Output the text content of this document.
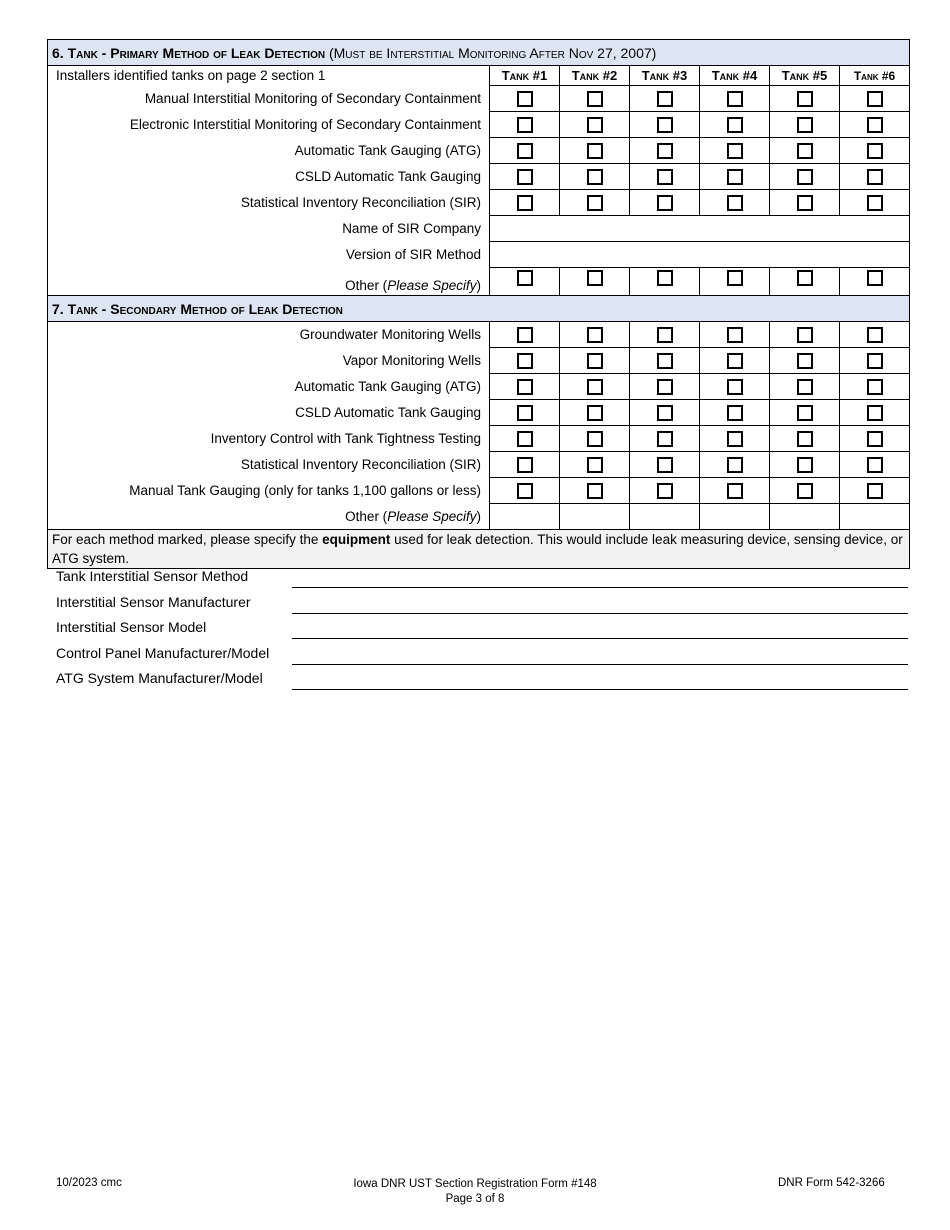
6. Tank - Primary Method of Leak Detection (Must be Interstitial Monitoring After Nov 27, 2007)						
Installers identified tanks on page 2 section 1	Tank #1	Tank #2	Tank #3	Tank #4	Tank #5	Tank #6
Manual Interstitial Monitoring of Secondary Containment						
Electronic Interstitial Monitoring of Secondary Containment						
Automatic Tank Gauging (ATG)						
CSLD Automatic Tank Gauging						
Statistical Inventory Reconciliation (SIR)						
Name of SIR Company						
Version of SIR Method						
Other (Please Specify)						
7. Tank - Secondary Method of Leak Detection						
Groundwater Monitoring Wells						
Vapor Monitoring Wells						
Automatic Tank Gauging (ATG)						
CSLD Automatic Tank Gauging						
Inventory Control with Tank Tightness Testing						
Statistical Inventory Reconciliation (SIR)						
Manual Tank Gauging (only for tanks 1,100 gallons or less)						
Other (Please Specify)						
For each method marked, please specify the equipment used for leak detection. This would include leak measuring device, sensing device, or ATG system.						
Tank Interstitial Sensor Method
Interstitial Sensor Manufacturer
Interstitial Sensor Model
Control Panel Manufacturer/Model
ATG System Manufacturer/Model
10/2023 cmc	Iowa DNR UST Section Registration Form #148
Page 3 of 8
DNR Form 542-3266
